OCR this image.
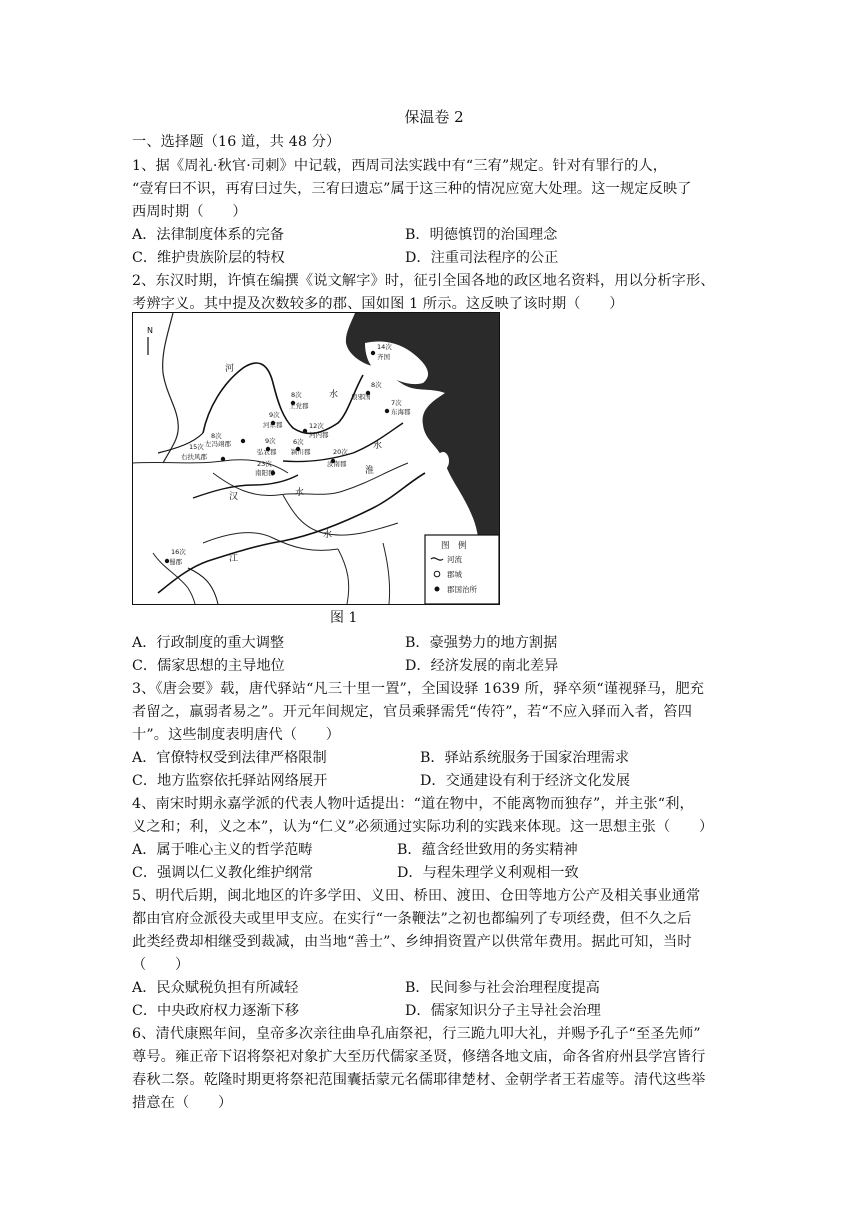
保温卷 2
一、选择题（16 道，共 48 分）
1、据《周礼·秋官·司刺》中记载，西周司法实践中有“三宥”规定。针对有罪行的人，
“壹宥曰不识，再宥曰过失，三宥曰遗忘”属于这三种的情况应宽大处理。这一规定反映了
西周时期（　　）
A．法律制度体系的完备	B．明德慎罚的治国理念
C．维护贵族阶层的特权	D．注重司法程序的公正
2、东汉时期，许慎在编撰《说文解字》时，征引全国各地的政区地名资料，用以分析字形、
考辨字义。其中提及次数较多的郡、国如图 1 所示。这反映了该时期（　　）
N
河
水
汉	水
淮
水
江
水
14次
齐国
8次
琅邪国
7次
东海郡
8次
上党郡
9次
河东郡	12次
河内郡
8次
左冯翊郡
15次
右扶风郡
9次
弘农郡
6次
颍川郡	20次
汝南郡
23次
南阳郡
16次
蜀郡
图　例
河流
郡城
郡国治所
图 1
A．行政制度的重大调整	B．豪强势力的地方割据
C．儒家思想的主导地位	D．经济发展的南北差异
3、《唐会要》载，唐代驿站“凡三十里一置”，全国设驿 1639 所，驿卒须“谨视驿马，肥充
者留之，羸弱者易之”。开元年间规定，官员乘驿需凭“传符”，若“不应入驿而入者，笞四
十”。这些制度表明唐代（　　）
A．官僚特权受到法律严格限制	B．驿站系统服务于国家治理需求
C．地方监察依托驿站网络展开	D．交通建设有利于经济文化发展
4、南宋时期永嘉学派的代表人物叶适提出：“道在物中，不能离物而独存”，并主张“利，
义之和；利，义之本”，认为“仁义”必须通过实际功利的实践来体现。这一思想主张（　　）
A．属于唯心主义的哲学范畴	B．蕴含经世致用的务实精神
C．强调以仁义教化维护纲常	D．与程朱理学义利观相一致
5、明代后期，闽北地区的许多学田、义田、桥田、渡田、仓田等地方公产及相关事业通常
都由官府佥派役夫或里甲支应。在实行“一条鞭法”之初也都编列了专项经费，但不久之后
此类经费却相继受到裁减，由当地“善士”、乡绅捐资置产以供常年费用。据此可知，当时
（　　）
A．民众赋税负担有所减轻	B．民间参与社会治理程度提高
C．中央政府权力逐渐下移	D．儒家知识分子主导社会治理
6、清代康熙年间，皇帝多次亲往曲阜孔庙祭祀，行三跪九叩大礼，并赐予孔子“至圣先师”
尊号。雍正帝下诏将祭祀对象扩大至历代儒家圣贤，修缮各地文庙，命各省府州县学宫皆行
春秋二祭。乾隆时期更将祭祀范围囊括蒙元名儒耶律楚材、金朝学者王若虚等。清代这些举
措意在（　　）
